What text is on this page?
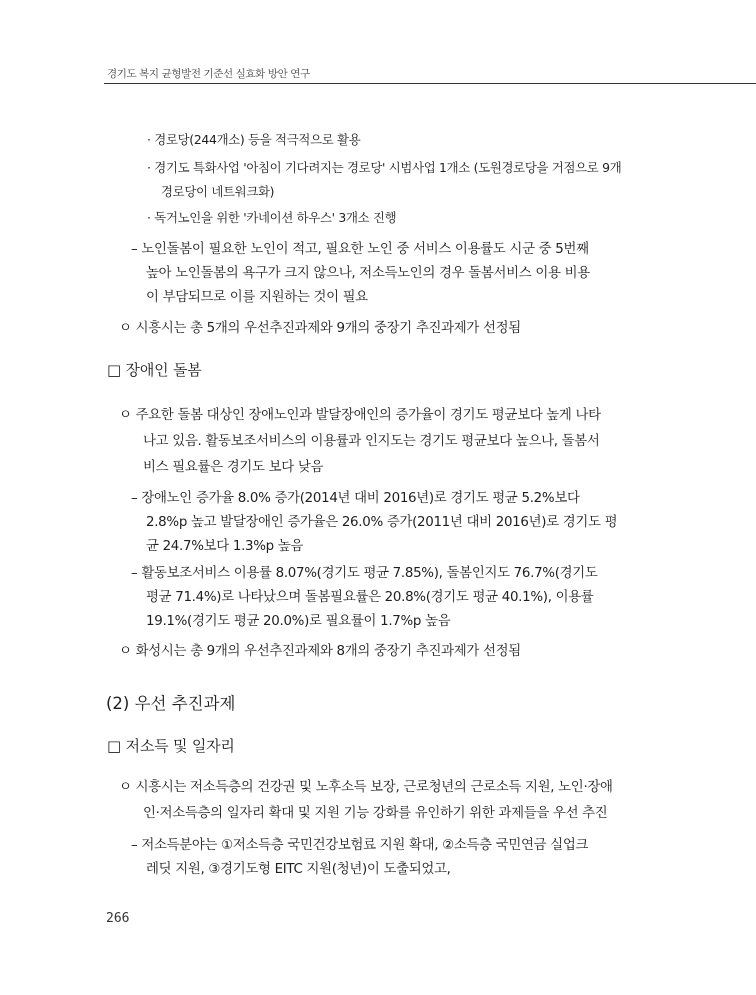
경기도 복지 균형발전 기준선 실효화 방안 연구
· 경로당(244개소) 등을 적극적으로 활용
· 경기도 특화사업 '아침이 기다려지는 경로당' 시범사업 1개소 (도원경로당을 거점으로 9개
경로당이 네트워크화)
· 독거노인을 위한 '카네이션 하우스' 3개소 진행
– 노인돌봄이 필요한 노인이 적고, 필요한 노인 중 서비스 이용률도 시군 중 5번째
높아 노인돌봄의 욕구가 크지 않으나, 저소득노인의 경우 돌봄서비스 이용 비용
이 부담되므로 이를 지원하는 것이 필요
ㅇ 시흥시는 총 5개의 우선추진과제와 9개의 중장기 추진과제가 선정됨
□ 장애인 돌봄
ㅇ 주요한 돌봄 대상인 장애노인과 발달장애인의 증가율이 경기도 평균보다 높게 나타
나고 있음. 활동보조서비스의 이용률과 인지도는 경기도 평균보다 높으나, 돌봄서
비스 필요률은 경기도 보다 낮음
– 장애노인 증가율 8.0% 증가(2014년 대비 2016년)로 경기도 평균 5.2%보다
2.8%p 높고 발달장애인 증가율은 26.0% 증가(2011년 대비 2016년)로 경기도 평
균 24.7%보다 1.3%p 높음
– 활동보조서비스 이용률 8.07%(경기도 평균 7.85%), 돌봄인지도 76.7%(경기도
평균 71.4%)로 나타났으며 돌봄필요률은 20.8%(경기도 평균 40.1%), 이용률
19.1%(경기도 평균 20.0%)로 필요률이 1.7%p 높음
ㅇ 화성시는 총 9개의 우선추진과제와 8개의 중장기 추진과제가 선정됨
(2) 우선 추진과제
□ 저소득 및 일자리
ㅇ 시흥시는 저소득층의 건강권 및 노후소득 보장, 근로청년의 근로소득 지원, 노인·장애
인·저소득층의 일자리 확대 및 지원 기능 강화를 유인하기 위한 과제들을 우선 추진
– 저소득분야는 ①저소득층 국민건강보험료 지원 확대, ②소득층 국민연금 실업크
레딧 지원, ③경기도형 EITC 지원(청년)이 도출되었고,
266
